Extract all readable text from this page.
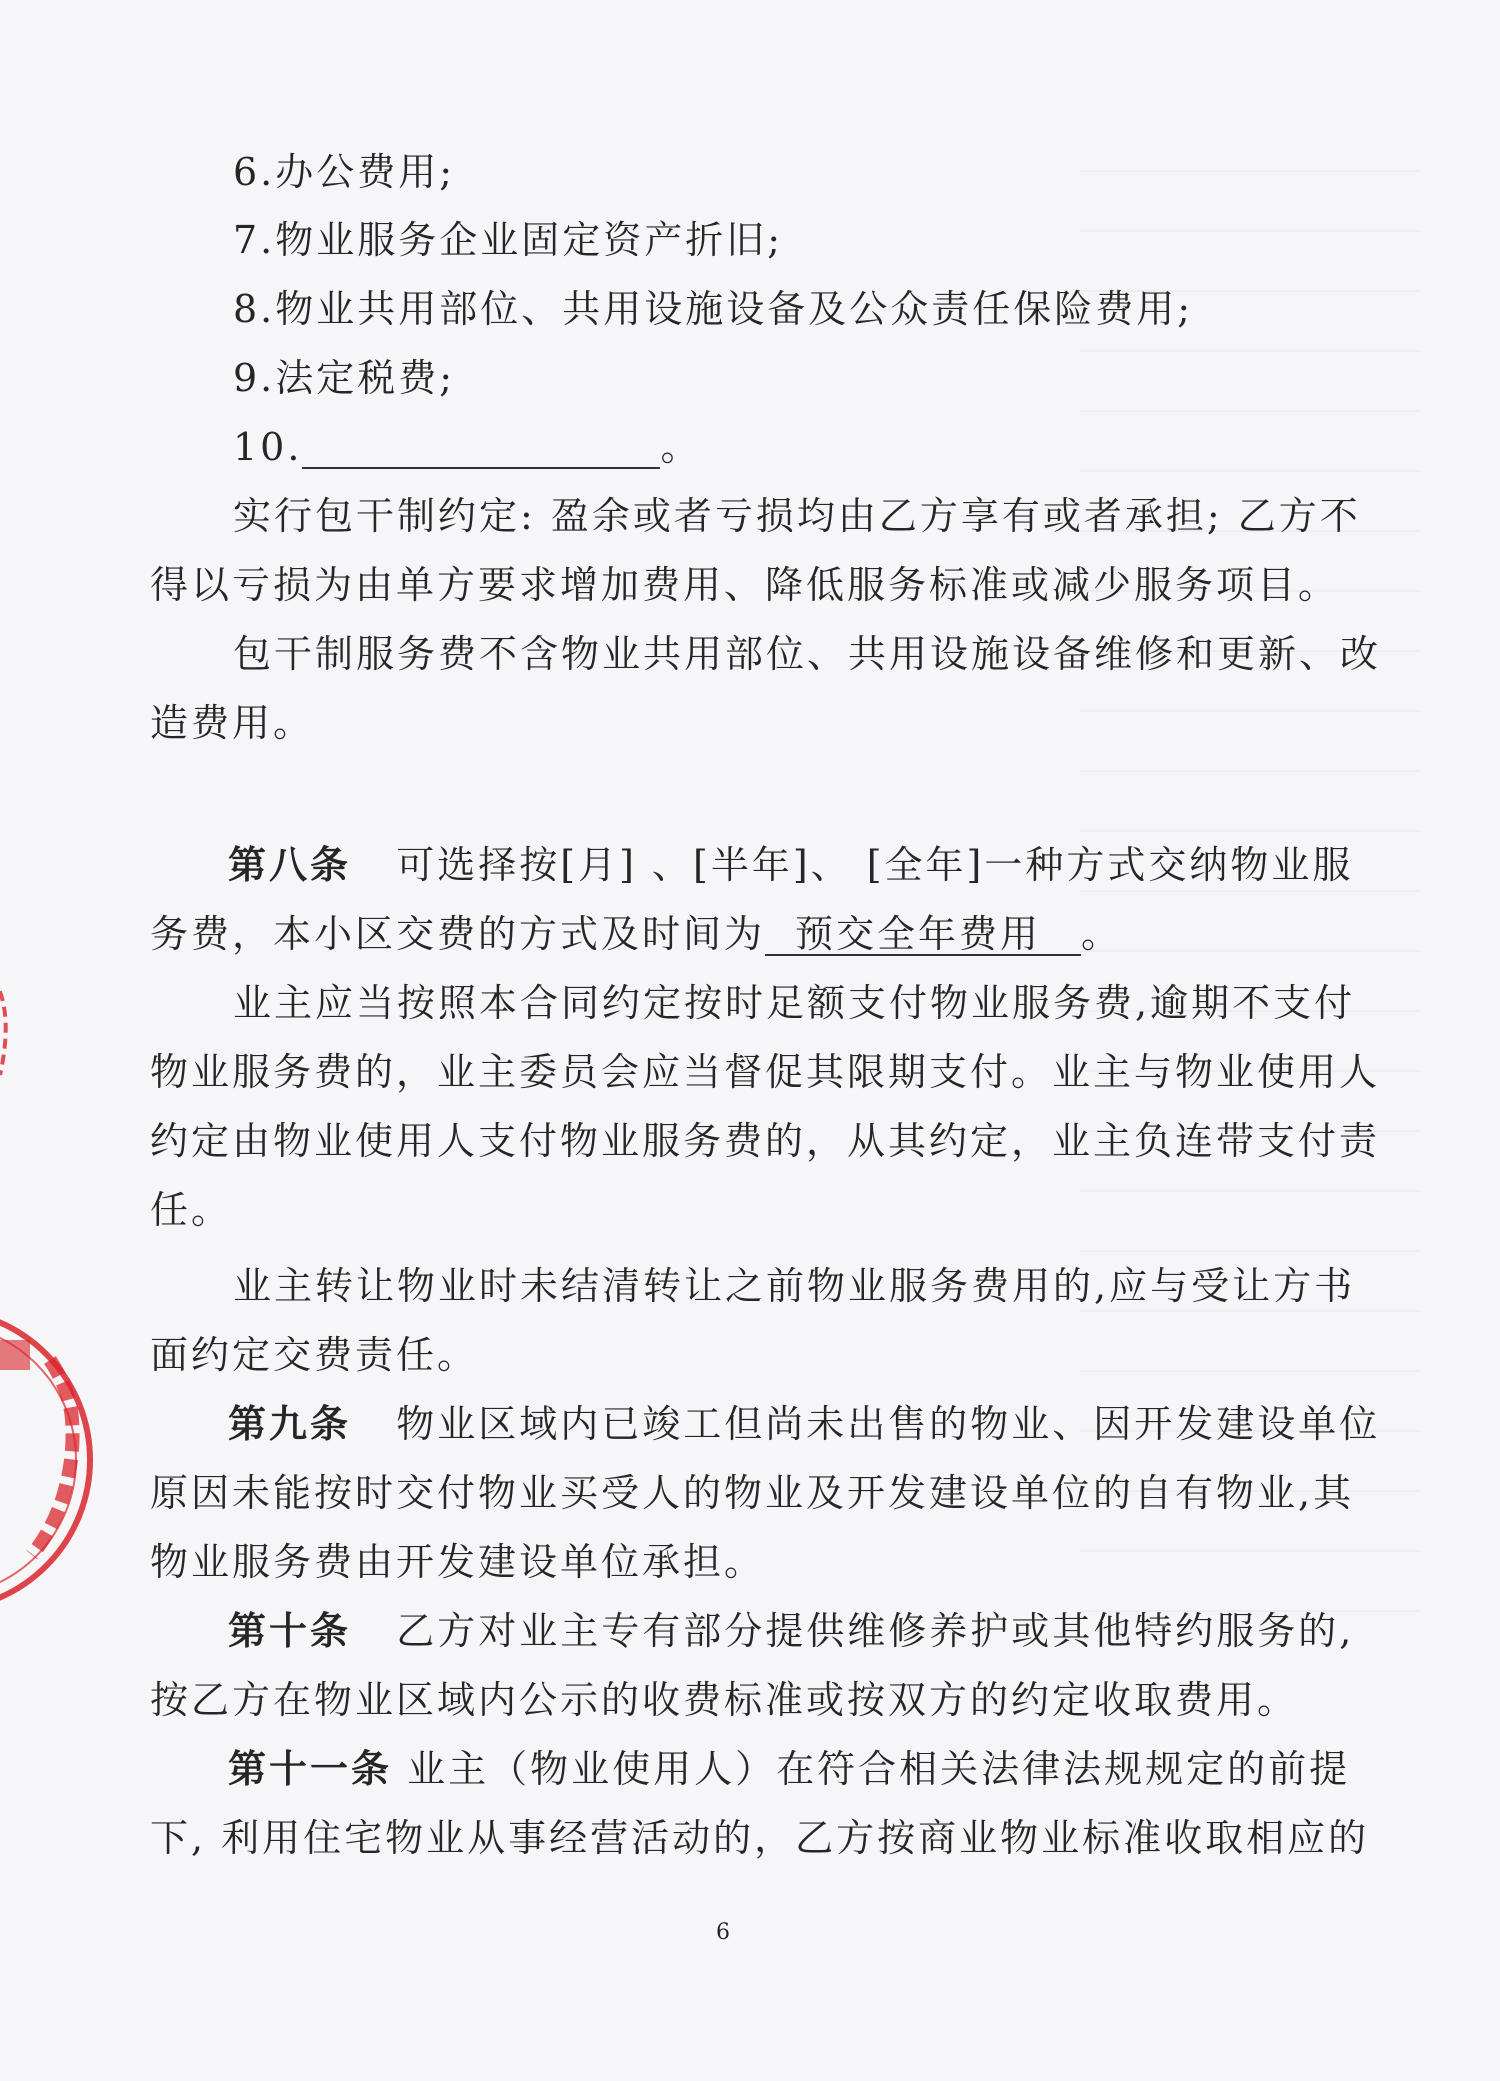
6.办公费用;
7.物业服务企业固定资产折旧;
8.物业共用部位、共用设施设备及公众责任保险费用;
9.法定税费;
10.	。
实行包干制约定: 盈余或者亏损均由乙方享有或者承担; 乙方不
得以亏损为由单方要求增加费用、降低服务标准或减少服务项目。
包干制服务费不含物业共用部位、共用设施设备维修和更新、改
造费用。
第八条 可选择按[月] 、[半年]、 [全年]一种方式交纳物业服
务费，本小区交费的方式及时间为 预交全年费用 。
业主应当按照本合同约定按时足额支付物业服务费,逾期不支付
物业服务费的，业主委员会应当督促其限期支付。业主与物业使用人
约定由物业使用人支付物业服务费的，从其约定，业主负连带支付责
任。
业主转让物业时未结清转让之前物业服务费用的,应与受让方书
面约定交费责任。
第九条 物业区域内已竣工但尚未出售的物业、因开发建设单位
原因未能按时交付物业买受人的物业及开发建设单位的自有物业,其
物业服务费由开发建设单位承担。
第十条 乙方对业主专有部分提供维修养护或其他特约服务的,
按乙方在物业区域内公示的收费标准或按双方的约定收取费用。
第十一条 业主（物业使用人）在符合相关法律法规规定的前提
下, 利用住宅物业从事经营活动的，乙方按商业物业标准收取相应的
6
